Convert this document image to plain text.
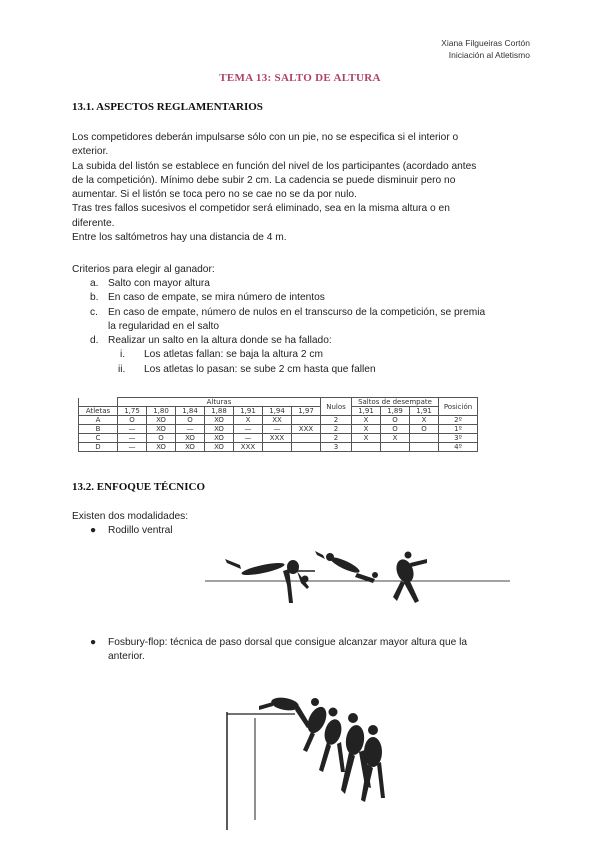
Xiana Filgueiras Cortón
Iniciación al Atletismo
TEMA 13: SALTO DE ALTURA
13.1. ASPECTOS REGLAMENTARIOS
Los competidores deberán impulsarse sólo con un pie, no se especifica si el interior o
exterior.
La subida del listón se establece en función del nivel de los participantes (acordado antes
de la competición). Mínimo debe subir 2 cm. La cadencia se puede disminuir pero no
aumentar. Si el listón se toca pero no se cae no se da por nulo.
Tras tres fallos sucesivos el competidor será eliminado, sea en la misma altura o en
diferente.
Entre los saltómetros hay una distancia de 4 m.
Criterios para elegir al ganador:
a. Salto con mayor altura
b. En caso de empate, se mira número de intentos
c. En caso de empate, número de nulos en el transcurso de la competición, se premia
la regularidad en el salto
d. Realizar un salto en la altura donde se ha fallado:
i. Los atletas fallan: se baja la altura 2 cm
ii. Los atletas lo pasan: se sube 2 cm hasta que fallen
	Alturas							Nulos	Saltos de desempate			Posición
Atletas	1,75	1,80	1,84	1,88	1,91	1,94	1,97		1,91	1,89	1,91	
A	O	XO	O	XO	X	XX		2	X	O	X	2º
B	—	XO	—	XO	—	—	XXX	2	X	O	O	1º
C	—	O	XO	XO	—	XXX		2	X	X		3º
D	—	XO	XO	XO	XXX			3				4º
13.2. ENFOQUE TÉCNICO
Existen dos modalidades:
● Rodillo ventral
● Fosbury-flop: técnica de paso dorsal que consigue alcanzar mayor altura que la
anterior.
